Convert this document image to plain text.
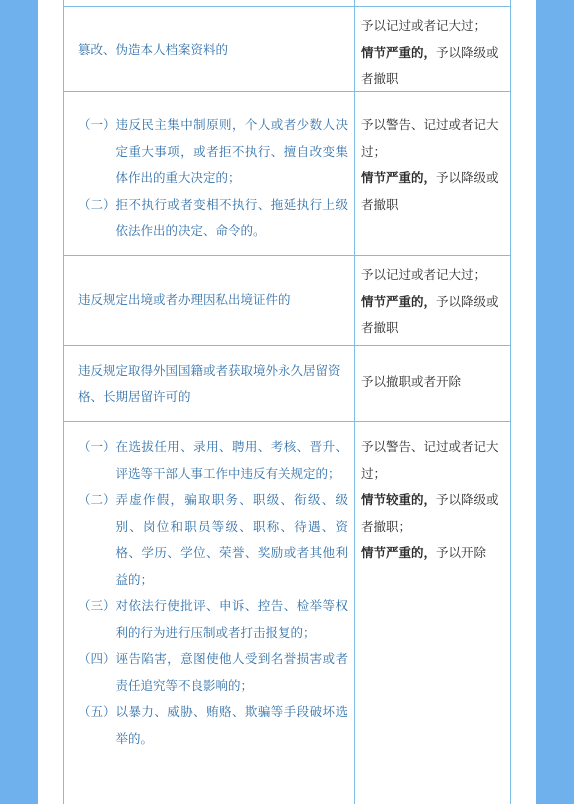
篡改、伪造本人档案资料的
予以记过或者记大过；
情节严重的，予以降级或者撤职
（一） 违反民主集中制原则，个人或者少数人决定重大事项，或者拒不执行、擅自改变集体作出的重大决定的；
（二） 拒不执行或者变相不执行、拖延执行上级依法作出的决定、命令的。
予以警告、记过或者记大过；
情节严重的，予以降级或者撤职
违反规定出境或者办理因私出境证件的
予以记过或者记大过；
情节严重的，予以降级或者撤职
违反规定取得外国国籍或者获取境外永久居留资格、长期居留许可的
予以撤职或者开除
（一） 在选拔任用、录用、聘用、考核、晋升、评选等干部人事工作中违反有关规定的；
（二） 弄虚作假，骗取职务、职级、衔级、级别、岗位和职员等级、职称、待遇、资格、学历、学位、荣誉、奖励或者其他利益的；
（三） 对依法行使批评、申诉、控告、检举等权利的行为进行压制或者打击报复的；
（四） 诬告陷害，意图使他人受到名誉损害或者责任追究等不良影响的；
（五） 以暴力、威胁、贿赂、欺骗等手段破坏选举的。
予以警告、记过或者记大过；
情节较重的，予以降级或者撤职；
情节严重的，予以开除
